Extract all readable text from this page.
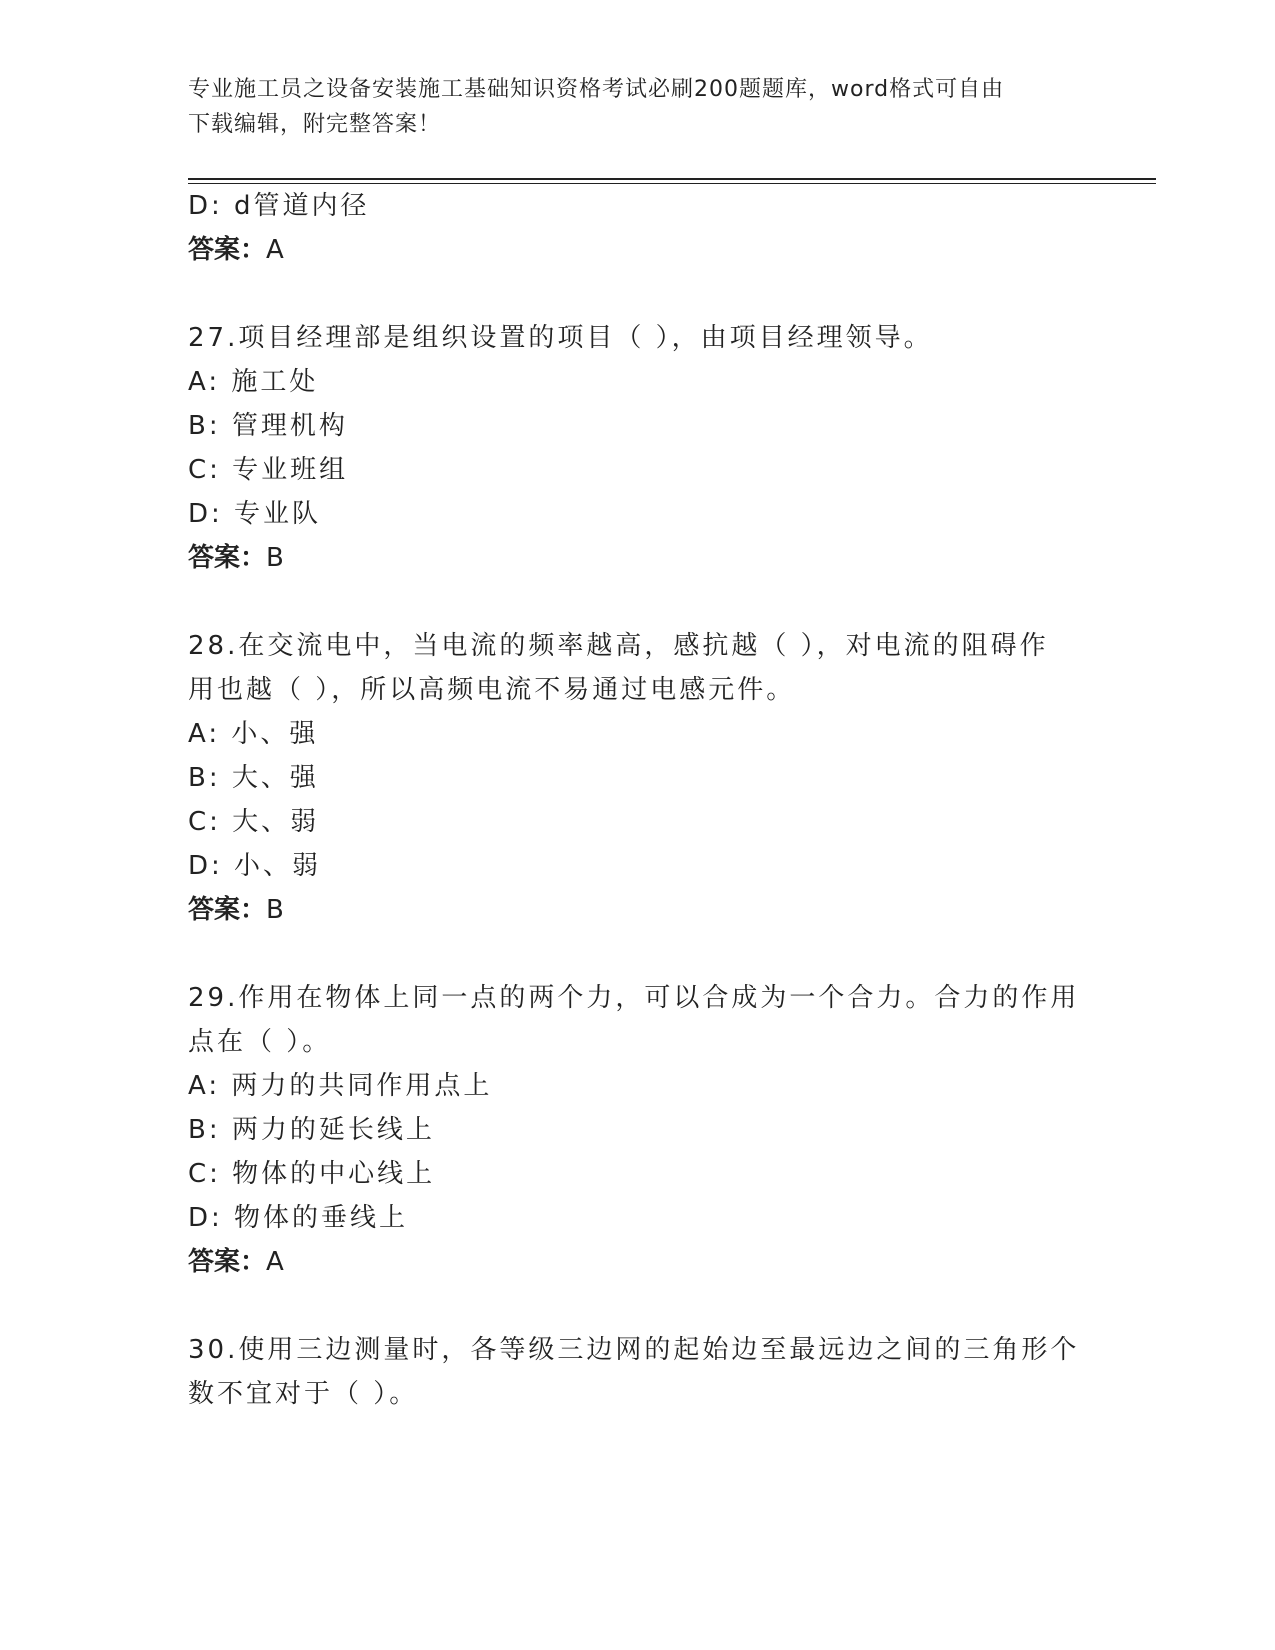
专业施工员之设备安装施工基础知识资格考试必刷200题题库，word格式可自由
下载编辑，附完整答案！
D: d管道内径
答案：A
27.项目经理部是组织设置的项目（ ），由项目经理领导。
A: 施工处
B: 管理机构
C: 专业班组
D: 专业队
答案：B
28.在交流电中，当电流的频率越高，感抗越（ ），对电流的阻碍作
用也越（ ），所以高频电流不易通过电感元件。
A: 小、强
B: 大、强
C: 大、弱
D: 小、弱
答案：B
29.作用在物体上同一点的两个力，可以合成为一个合力。合力的作用
点在（ ）。
A: 两力的共同作用点上
B: 两力的延长线上
C: 物体的中心线上
D: 物体的垂线上
答案：A
30.使用三边测量时，各等级三边网的起始边至最远边之间的三角形个
数不宜对于（ ）。
